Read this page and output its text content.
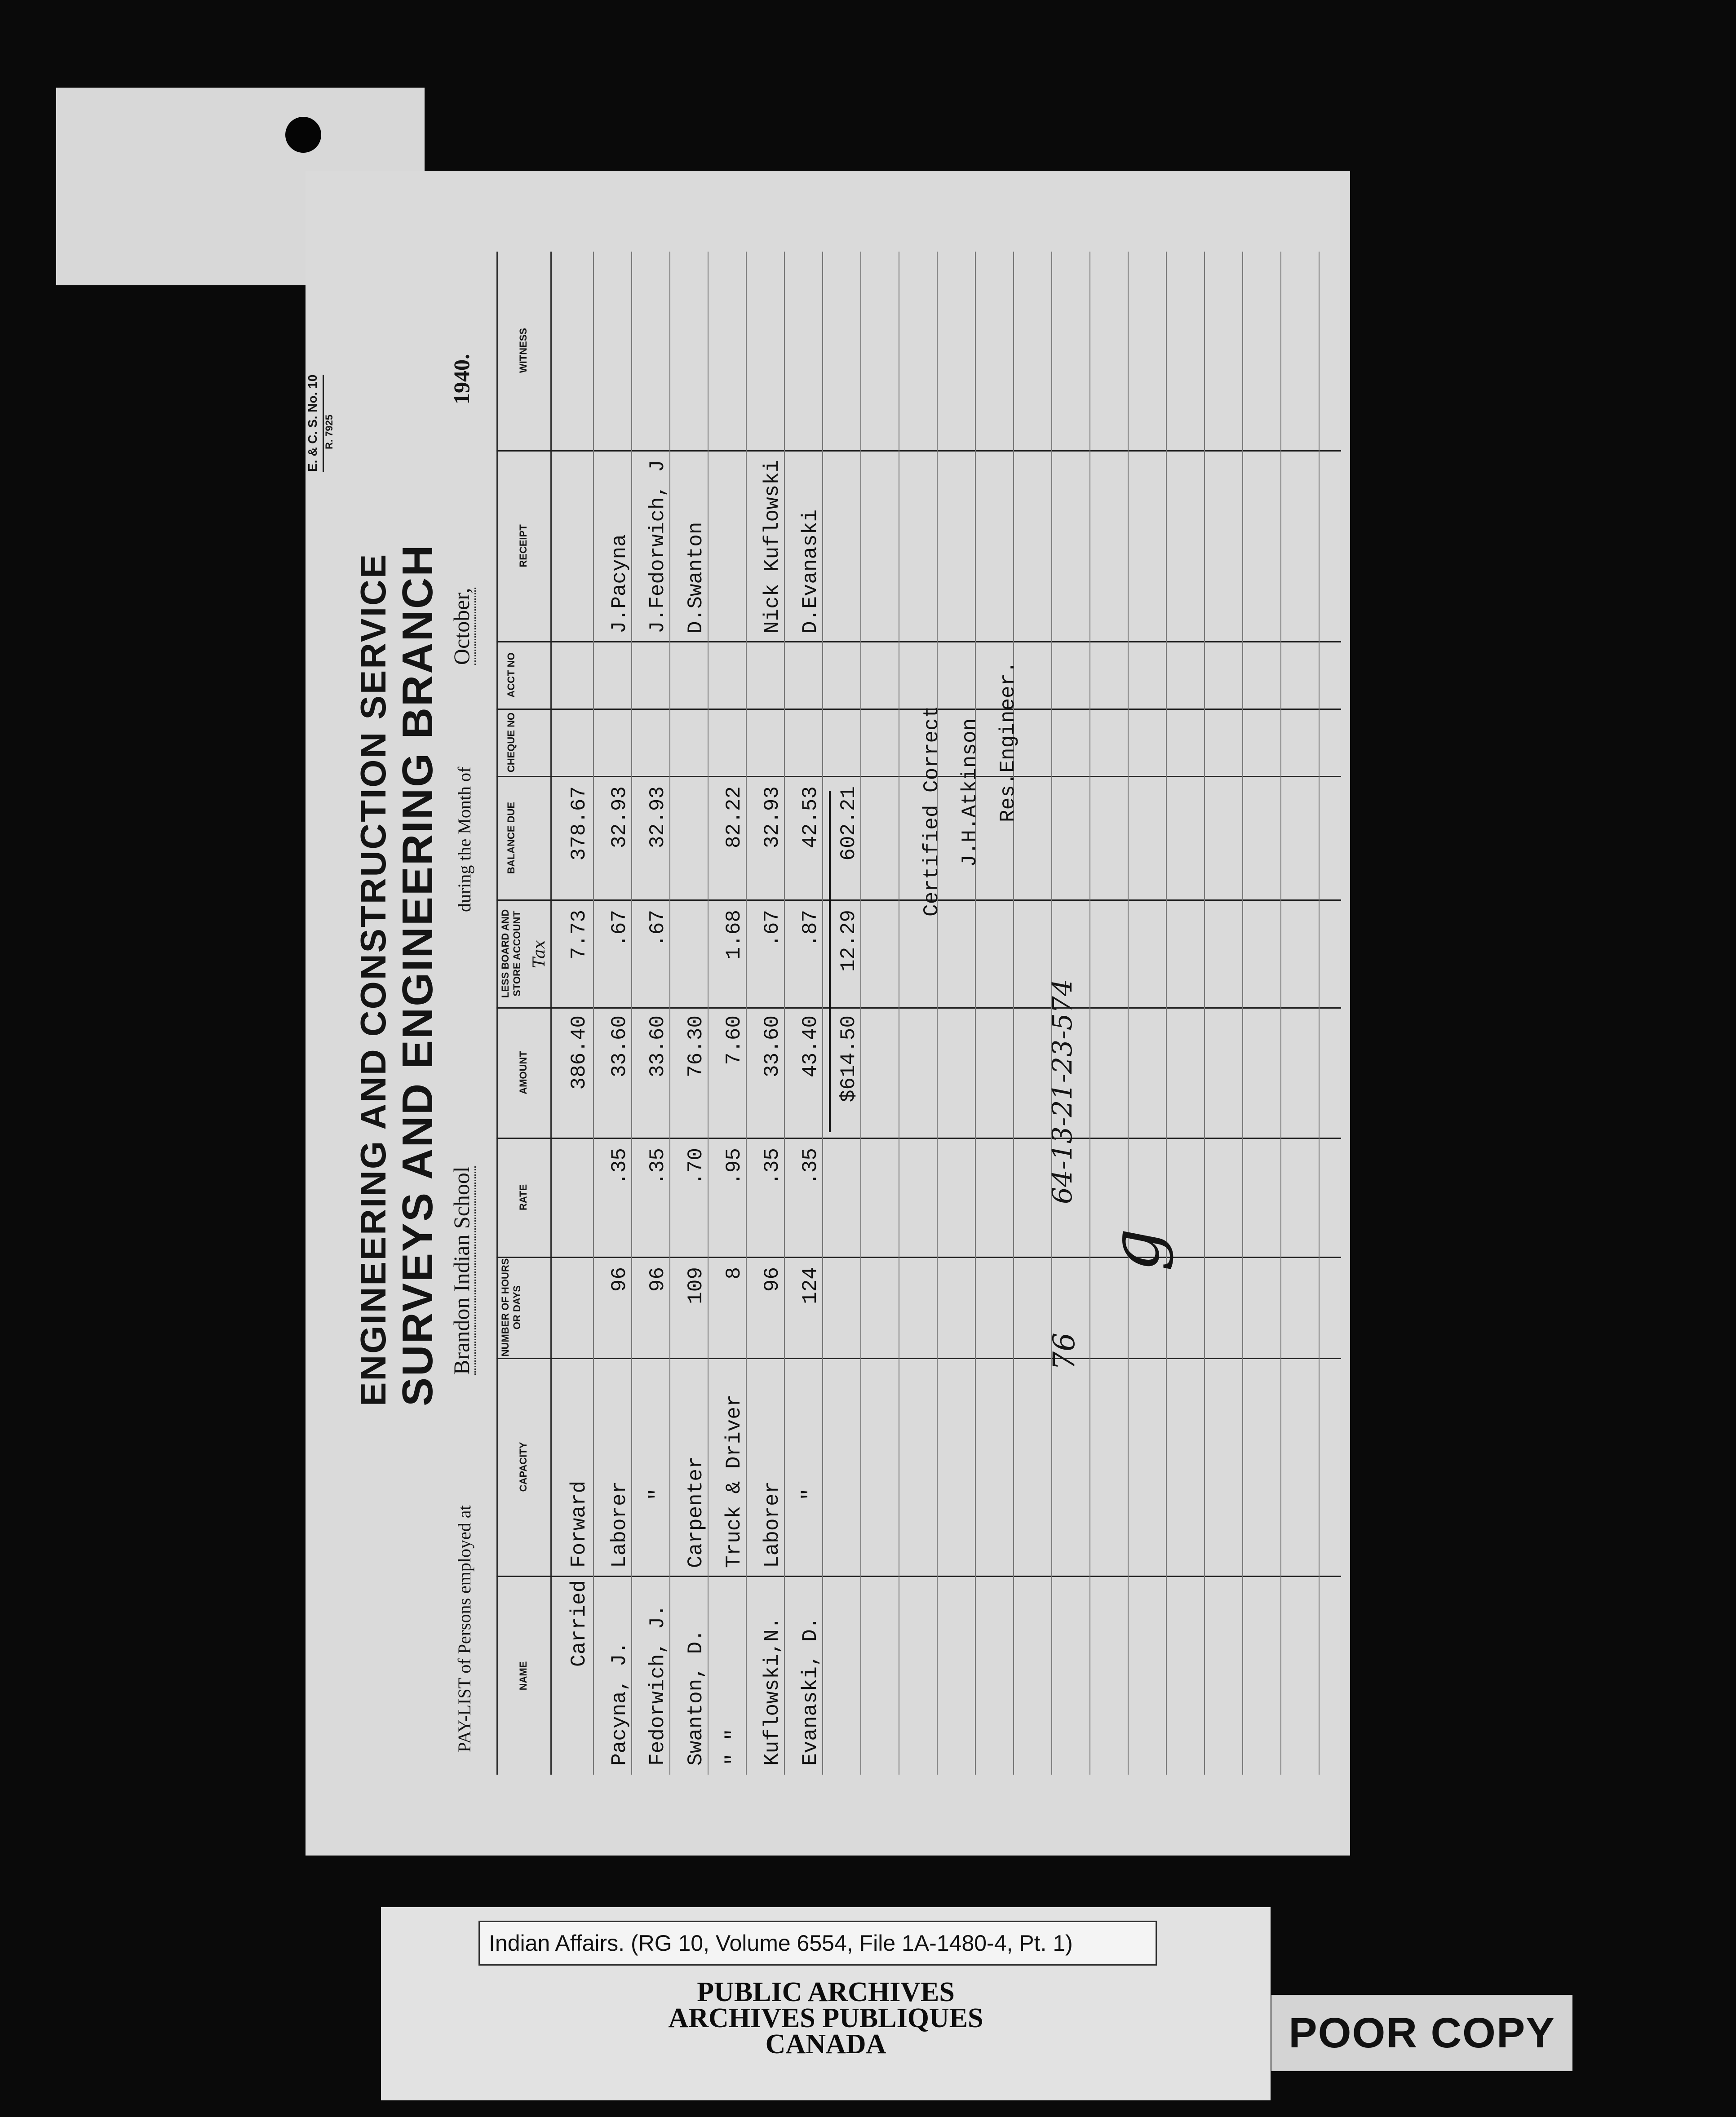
ENGINEERING AND CONSTRUCTION SERVICE SURVEYS AND ENGINEERING BRANCH
E. & C. S. No. 10 R. 7925
PAY-LIST of Persons employed at
Brandon Indian School
during the Month of
October,
1940.
NAME
CAPACITY
NUMBER OF HOURS OR DAYS
RATE
AMOUNT
LESS BOARD AND STORE ACCOUNT Tax
BALANCE DUE
CHEQUE NO
ACCT NO
RECEIPT
WITNESS
Carried Forward
386.40
7.73
378.67
Pacyna, J.
Laborer
96
.35
33.60
.67
32.93
J.Pacyna
Fedorwich, J.
"
96
.35
33.60
.67
32.93
J.Fedorwich, J
Swanton, D.
Carpenter
109
.70
76.30
D.Swanton
" "
Truck & Driver
8
.95
7.60
1.68
82.22
Kuflowski,N.
Laborer
96
.35
33.60
.67
32.93
Nick Kuflowski
Evanaski, D.
"
124
.35
43.40
.87
42.53
D.Evanaski
$614.50
12.29
602.21	Certified Correct J.H.Atkinson Res.Engineer.
64-13-21-23-574
76
g
Indian Affairs. (RG 10, Volume 6554, File 1A-1480-4, Pt. 1)
PUBLIC ARCHIVES
ARCHIVES PUBLIQUES
CANADA	POOR COPY
